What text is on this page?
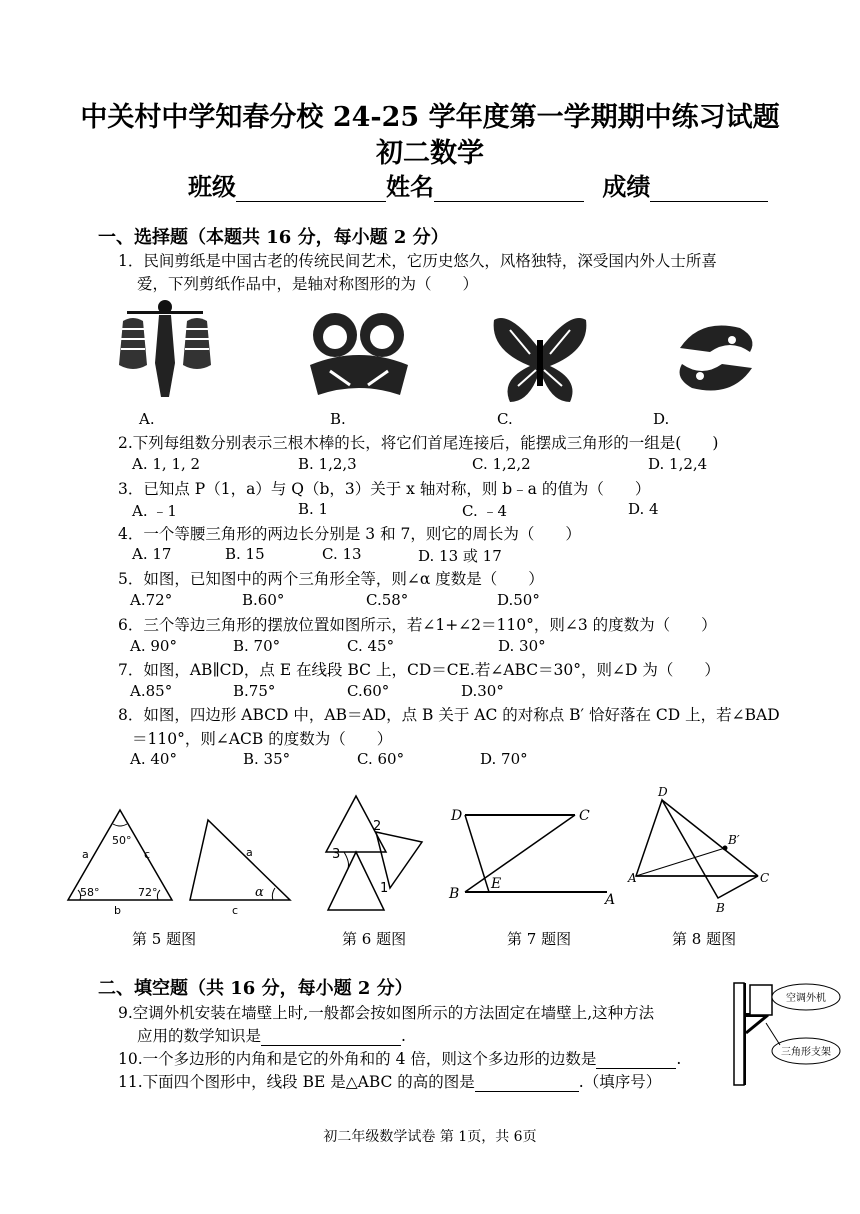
中关村中学知春分校 24-25 学年度第一学期期中练习试题
初二数学
班级	姓名	成绩
一、选择题（本题共 16 分，每小题 2 分）
1．民间剪纸是中国古老的传统民间艺术，它历史悠久，风格独特，深受国内外人士所喜
爱，下列剪纸作品中，是轴对称图形的为（　　）
A.	B.	C.	D.
2.下列每组数分别表示三根木棒的长，将它们首尾连接后，能摆成三角形的一组是(　　)
A. 1, 1, 2	B. 1,2,3	C. 1,2,2	D. 1,2,4
3．已知点 P（1，a）与 Q（b，3）关于 x 轴对称，则 b﹣a 的值为（　　）
A. ﹣1	B. 1	C. ﹣4	D. 4
4．一个等腰三角形的两边长分别是 3 和 7，则它的周长为（　　）
A. 17	B. 15	C. 13	D. 13 或 17
5．如图，已知图中的两个三角形全等，则∠α 度数是（　　）
A.72°	B.60°	C.58°	D.50°
6．三个等边三角形的摆放位置如图所示，若∠1+∠2＝110°，则∠3 的度数为（　　）
A. 90°	B. 70°	C. 45°	D. 30°
7．如图，AB∥CD，点 E 在线段 BC 上，CD＝CE.若∠ABC＝30°，则∠D 为（　　）
A.85°	B.75°	C.60°	D.30°
8．如图，四边形 ABCD 中，AB＝AD，点 B 关于 AC 的对称点 B′ 恰好落在 CD 上，若∠BAD
＝110°，则∠ACB 的度数为（　　）
A. 40°	B. 35°	C. 60°	D. 70°
50°
a	c
58°	72°
b
a
c
α
2
3
1
D	C
B
E
A
D
B′
A	C
B
第 5 题图	第 6 题图	第 7 题图	第 8 题图
二、填空题（共 16 分，每小题 2 分）
9.空调外机安装在墙壁上时,一般都会按如图所示的方法固定在墙壁上,这种方法
应用的数学知识是	.
10.一个多边形的内角和是它的外角和的 4 倍，则这个多边形的边数是	.
11.下面四个图形中，线段 BE 是△ABC 的高的图是	.（填序号）
空调外机
三角形支架
初二年级数学试卷 第 1页，共 6页
